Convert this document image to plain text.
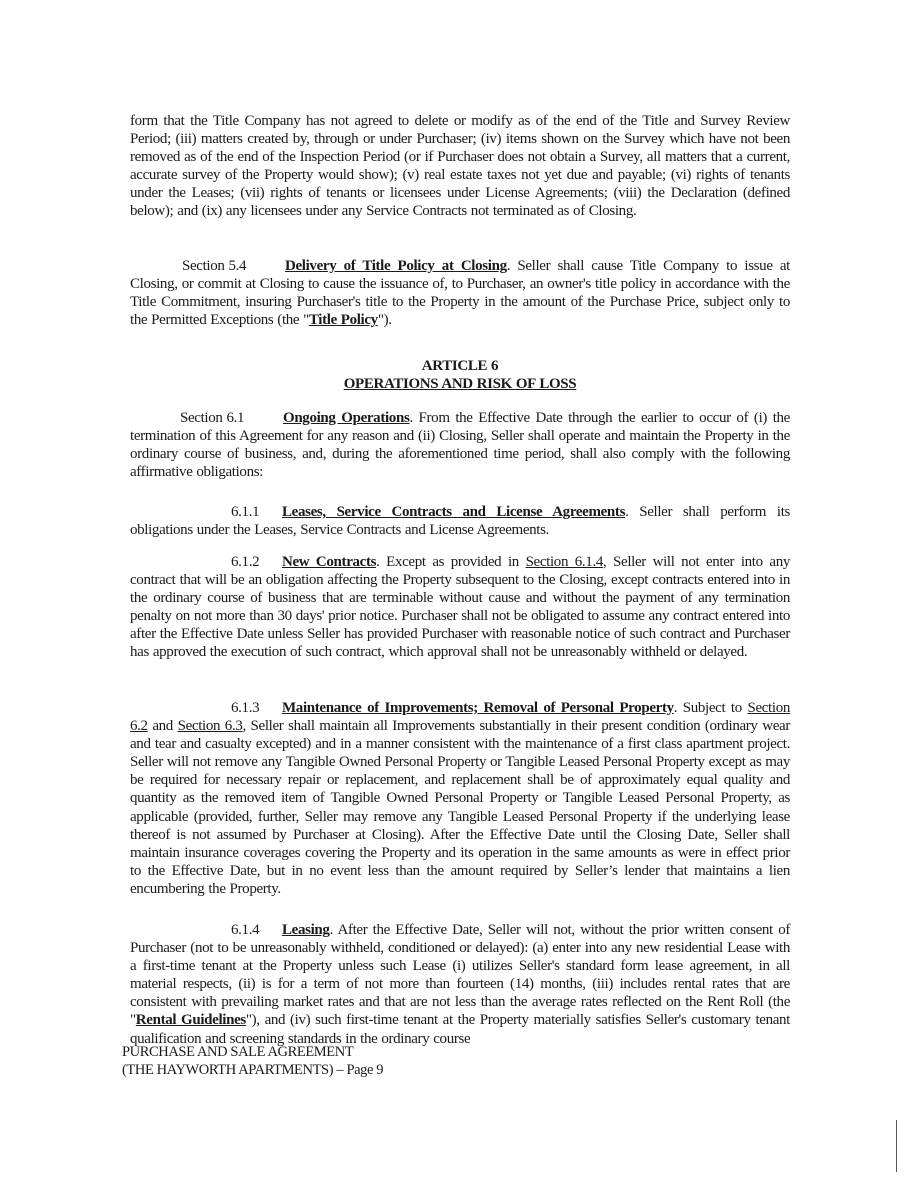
form that the Title Company has not agreed to delete or modify as of the end of the Title and Survey Review Period; (iii) matters created by, through or under Purchaser; (iv) items shown on the Survey which have not been removed as of the end of the Inspection Period (or if Purchaser does not obtain a Survey, all matters that a current, accurate survey of the Property would show); (v) real estate taxes not yet due and payable; (vi) rights of tenants under the Leases; (vii) rights of tenants or licensees under License Agreements; (viii) the Declaration (defined below); and (ix) any licensees under any Service Contracts not terminated as of Closing.

Section 5.4	Delivery of Title Policy at Closing. Seller shall cause Title Company to issue at Closing, or commit at Closing to cause the issuance of, to Purchaser, an owner's title policy in accordance with the Title Commitment, insuring Purchaser's title to the Property in the amount of the Purchase Price, subject only to the Permitted Exceptions (the "Title Policy").

ARTICLE 6
OPERATIONS AND RISK OF LOSS

Section 6.1	Ongoing Operations. From the Effective Date through the earlier to occur of (i) the termination of this Agreement for any reason and (ii) Closing, Seller shall operate and maintain the Property in the ordinary course of business, and, during the aforementioned time period, shall also comply with the following affirmative obligations:

6.1.1 Leases, Service Contracts and License Agreements. Seller shall perform its obligations under the Leases, Service Contracts and License Agreements.

6.1.2 New Contracts. Except as provided in Section 6.1.4, Seller will not enter into any contract that will be an obligation affecting the Property subsequent to the Closing, except contracts entered into in the ordinary course of business that are terminable without cause and without the payment of any termination penalty on not more than 30 days' prior notice. Purchaser shall not be obligated to assume any contract entered into after the Effective Date unless Seller has provided Purchaser with reasonable notice of such contract and Purchaser has approved the execution of such contract, which approval shall not be unreasonably withheld or delayed.

6.1.3 Maintenance of Improvements; Removal of Personal Property. Subject to Section 6.2 and Section 6.3, Seller shall maintain all Improvements substantially in their present condition (ordinary wear and tear and casualty excepted) and in a manner consistent with the maintenance of a first class apartment project. Seller will not remove any Tangible Owned Personal Property or Tangible Leased Personal Property except as may be required for necessary repair or replacement, and replacement shall be of approximately equal quality and quantity as the removed item of Tangible Owned Personal Property or Tangible Leased Personal Property, as applicable (provided, further, Seller may remove any Tangible Leased Personal Property if the underlying lease thereof is not assumed by Purchaser at Closing). After the Effective Date until the Closing Date, Seller shall maintain insurance coverages covering the Property and its operation in the same amounts as were in effect prior to the Effective Date, but in no event less than the amount required by Seller’s lender that maintains a lien encumbering the Property.

6.1.4 Leasing. After the Effective Date, Seller will not, without the prior written consent of Purchaser (not to be unreasonably withheld, conditioned or delayed): (a) enter into any new residential Lease with a first-time tenant at the Property unless such Lease (i) utilizes Seller's standard form lease agreement, in all material respects, (ii) is for a term of not more than fourteen (14) months, (iii) includes rental rates that are consistent with prevailing market rates and that are not less than the average rates reflected on the Rent Roll (the "Rental Guidelines"), and (iv) such first-time tenant at the Property materially satisfies Seller's customary tenant qualification and screening standards in the ordinary course

PURCHASE AND SALE AGREEMENT
(THE HAYWORTH APARTMENTS) – Page 9
